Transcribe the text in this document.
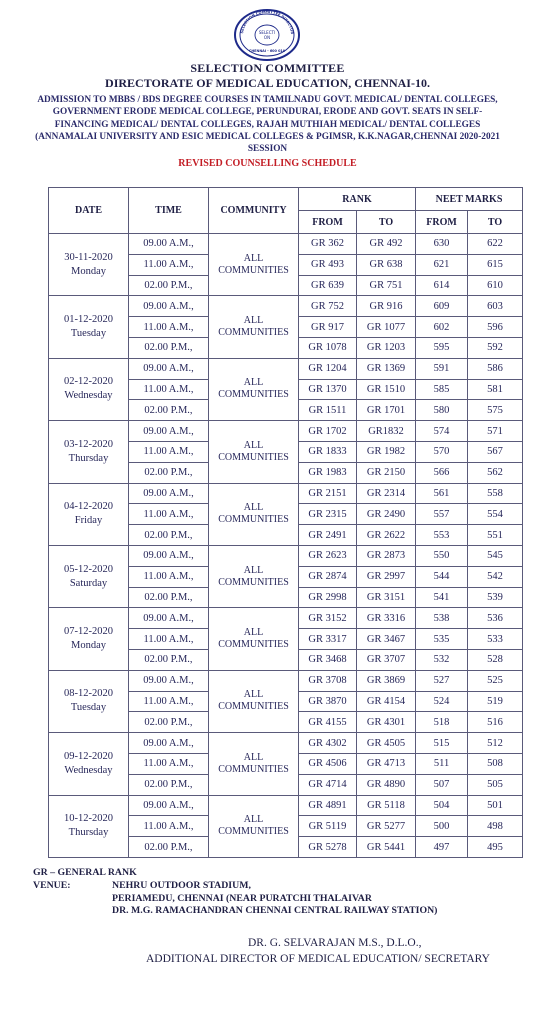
SELECTION COMMITTEE DIRECTOR
SELECTI
ON
CHENNAI - 600 010
SELECTION COMMITTEE
DIRECTORATE OF MEDICAL EDUCATION, CHENNAI-10.
ADMISSION TO MBBS / BDS DEGREE COURSES IN TAMILNADU GOVT. MEDICAL/ DENTAL COLLEGES, GOVERNMENT ERODE MEDICAL COLLEGE, PERUNDURAI, ERODE AND GOVT. SEATS IN SELF- FINANCING MEDICAL/ DENTAL COLLEGES, RAJAH MUTHIAH MEDICAL/ DENTAL COLLEGES (ANNAMALAI UNIVERSITY AND ESIC MEDICAL COLLEGES & PGIMSR, K.K.NAGAR,CHENNAI 2020-2021 SESSION
REVISED COUNSELLING SCHEDULE
DATE	TIME	COMMUNITY	RANK		NEET MARKS	
			FROM	TO	FROM	TO

30-11-2020
Monday	09.00 A.M.,	ALL COMMUNITIES	GR 362	GR 492	630	622
	11.00 A.M.,		GR 493	GR 638	621	615
	02.00 P.M.,		GR 639	GR 751	614	610

01-12-2020
Tuesday	09.00 A.M.,	ALL COMMUNITIES	GR 752	GR 916	609	603
	11.00 A.M.,		GR 917	GR 1077	602	596
	02.00 P.M.,		GR 1078	GR 1203	595	592

02-12-2020
Wednesday	09.00 A.M.,	ALL COMMUNITIES	GR 1204	GR 1369	591	586
	11.00 A.M.,		GR 1370	GR 1510	585	581
	02.00 P.M.,		GR 1511	GR 1701	580	575

03-12-2020
Thursday	09.00 A.M.,	ALL COMMUNITIES	GR 1702	GR1832	574	571
	11.00 A.M.,		GR 1833	GR 1982	570	567
	02.00 P.M.,		GR 1983	GR 2150	566	562

04-12-2020
Friday	09.00 A.M.,	ALL COMMUNITIES	GR 2151	GR 2314	561	558
	11.00 A.M.,		GR 2315	GR 2490	557	554
	02.00 P.M.,		GR 2491	GR 2622	553	551

05-12-2020
Saturday	09.00 A.M.,	ALL COMMUNITIES	GR 2623	GR 2873	550	545
	11.00 A.M.,		GR 2874	GR 2997	544	542
	02.00 P.M.,		GR 2998	GR 3151	541	539

07-12-2020
Monday	09.00 A.M.,	ALL COMMUNITIES	GR 3152	GR 3316	538	536
	11.00 A.M.,		GR 3317	GR 3467	535	533
	02.00 P.M.,		GR 3468	GR 3707	532	528

08-12-2020
Tuesday	09.00 A.M.,	ALL COMMUNITIES	GR 3708	GR 3869	527	525
	11.00 A.M.,		GR 3870	GR 4154	524	519
	02.00 P.M.,		GR 4155	GR 4301	518	516

09-12-2020
Wednesday	09.00 A.M.,	ALL COMMUNITIES	GR 4302	GR 4505	515	512
	11.00 A.M.,		GR 4506	GR 4713	511	508
	02.00 P.M.,		GR 4714	GR 4890	507	505

10-12-2020
Thursday	09.00 A.M.,	ALL COMMUNITIES	GR 4891	GR 5118	504	501
	11.00 A.M.,		GR 5119	GR 5277	500	498
	02.00 P.M.,		GR 5278	GR 5441	497	495
GR – GENERAL RANK
VENUE:	NEHRU OUTDOOR STADIUM,
PERIAMEDU, CHENNAI (NEAR PURATCHI THALAIVAR
DR. M.G. RAMACHANDRAN CHENNAI CENTRAL RAILWAY STATION)
DR. G. SELVARAJAN M.S., D.L.O.,
ADDITIONAL DIRECTOR OF MEDICAL EDUCATION/ SECRETARY
